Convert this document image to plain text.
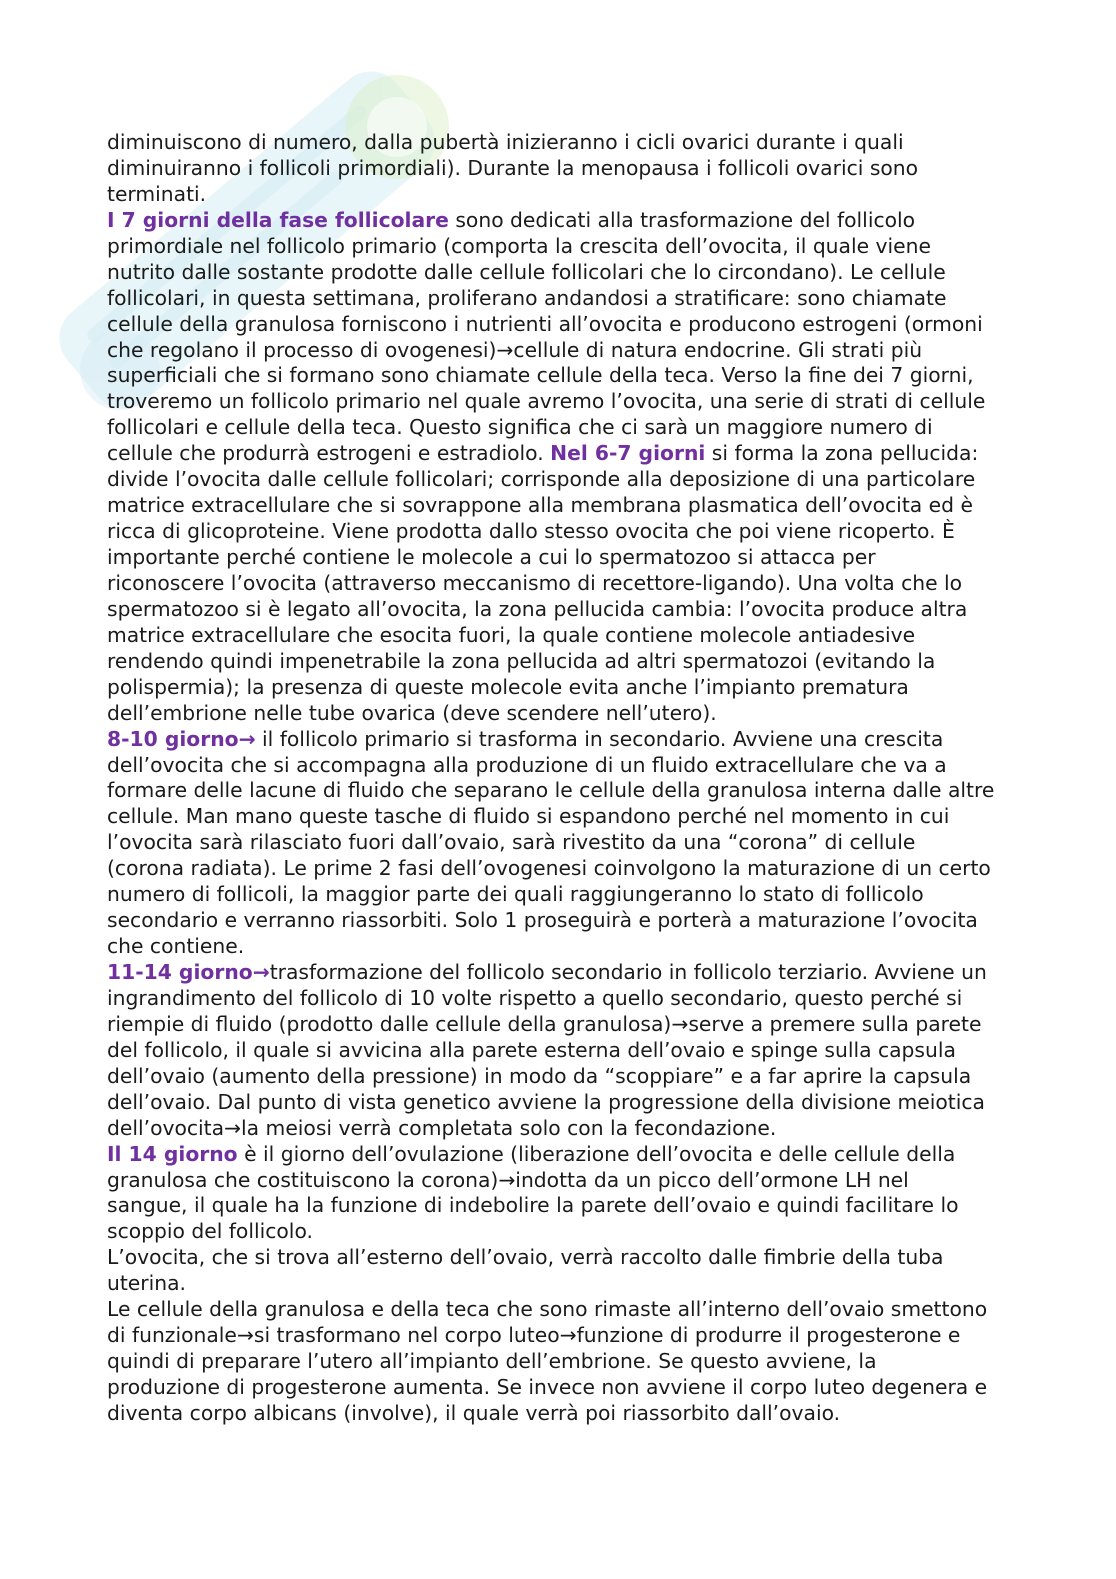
diminuiscono di numero, dalla pubertà inizieranno i cicli ovarici durante i quali
diminuiranno i follicoli primordiali). Durante la menopausa i follicoli ovarici sono
terminati.
I 7 giorni della fase follicolare sono dedicati alla trasformazione del follicolo
primordiale nel follicolo primario (comporta la crescita dell’ovocita, il quale viene
nutrito dalle sostante prodotte dalle cellule follicolari che lo circondano). Le cellule
follicolari, in questa settimana, proliferano andandosi a stratificare: sono chiamate
cellule della granulosa forniscono i nutrienti all’ovocita e producono estrogeni (ormoni
che regolano il processo di ovogenesi)→cellule di natura endocrine. Gli strati più
superficiali che si formano sono chiamate cellule della teca. Verso la fine dei 7 giorni,
troveremo un follicolo primario nel quale avremo l’ovocita, una serie di strati di cellule
follicolari e cellule della teca. Questo significa che ci sarà un maggiore numero di
cellule che produrrà estrogeni e estradiolo. Nel 6-7 giorni si forma la zona pellucida:
divide l’ovocita dalle cellule follicolari; corrisponde alla deposizione di una particolare
matrice extracellulare che si sovrappone alla membrana plasmatica dell’ovocita ed è
ricca di glicoproteine. Viene prodotta dallo stesso ovocita che poi viene ricoperto. È
importante perché contiene le molecole a cui lo spermatozoo si attacca per
riconoscere l’ovocita (attraverso meccanismo di recettore-ligando). Una volta che lo
spermatozoo si è legato all’ovocita, la zona pellucida cambia: l’ovocita produce altra
matrice extracellulare che esocita fuori, la quale contiene molecole antiadesive
rendendo quindi impenetrabile la zona pellucida ad altri spermatozoi (evitando la
polispermia); la presenza di queste molecole evita anche l’impianto prematura
dell’embrione nelle tube ovarica (deve scendere nell’utero).
8-10 giorno→ il follicolo primario si trasforma in secondario. Avviene una crescita
dell’ovocita che si accompagna alla produzione di un fluido extracellulare che va a
formare delle lacune di fluido che separano le cellule della granulosa interna dalle altre
cellule. Man mano queste tasche di fluido si espandono perché nel momento in cui
l’ovocita sarà rilasciato fuori dall’ovaio, sarà rivestito da una “corona” di cellule
(corona radiata). Le prime 2 fasi dell’ovogenesi coinvolgono la maturazione di un certo
numero di follicoli, la maggior parte dei quali raggiungeranno lo stato di follicolo
secondario e verranno riassorbiti. Solo 1 proseguirà e porterà a maturazione l’ovocita
che contiene.
11-14 giorno→trasformazione del follicolo secondario in follicolo terziario. Avviene un
ingrandimento del follicolo di 10 volte rispetto a quello secondario, questo perché si
riempie di fluido (prodotto dalle cellule della granulosa)→serve a premere sulla parete
del follicolo, il quale si avvicina alla parete esterna dell’ovaio e spinge sulla capsula
dell’ovaio (aumento della pressione) in modo da “scoppiare” e a far aprire la capsula
dell’ovaio. Dal punto di vista genetico avviene la progressione della divisione meiotica
dell’ovocita→la meiosi verrà completata solo con la fecondazione.
Il 14 giorno è il giorno dell’ovulazione (liberazione dell’ovocita e delle cellule della
granulosa che costituiscono la corona)→indotta da un picco dell’ormone LH nel
sangue, il quale ha la funzione di indebolire la parete dell’ovaio e quindi facilitare lo
scoppio del follicolo.
L’ovocita, che si trova all’esterno dell’ovaio, verrà raccolto dalle fimbrie della tuba
uterina.
Le cellule della granulosa e della teca che sono rimaste all’interno dell’ovaio smettono
di funzionale→si trasformano nel corpo luteo→funzione di produrre il progesterone e
quindi di preparare l’utero all’impianto dell’embrione. Se questo avviene, la
produzione di progesterone aumenta. Se invece non avviene il corpo luteo degenera e
diventa corpo albicans (involve), il quale verrà poi riassorbito dall’ovaio.
